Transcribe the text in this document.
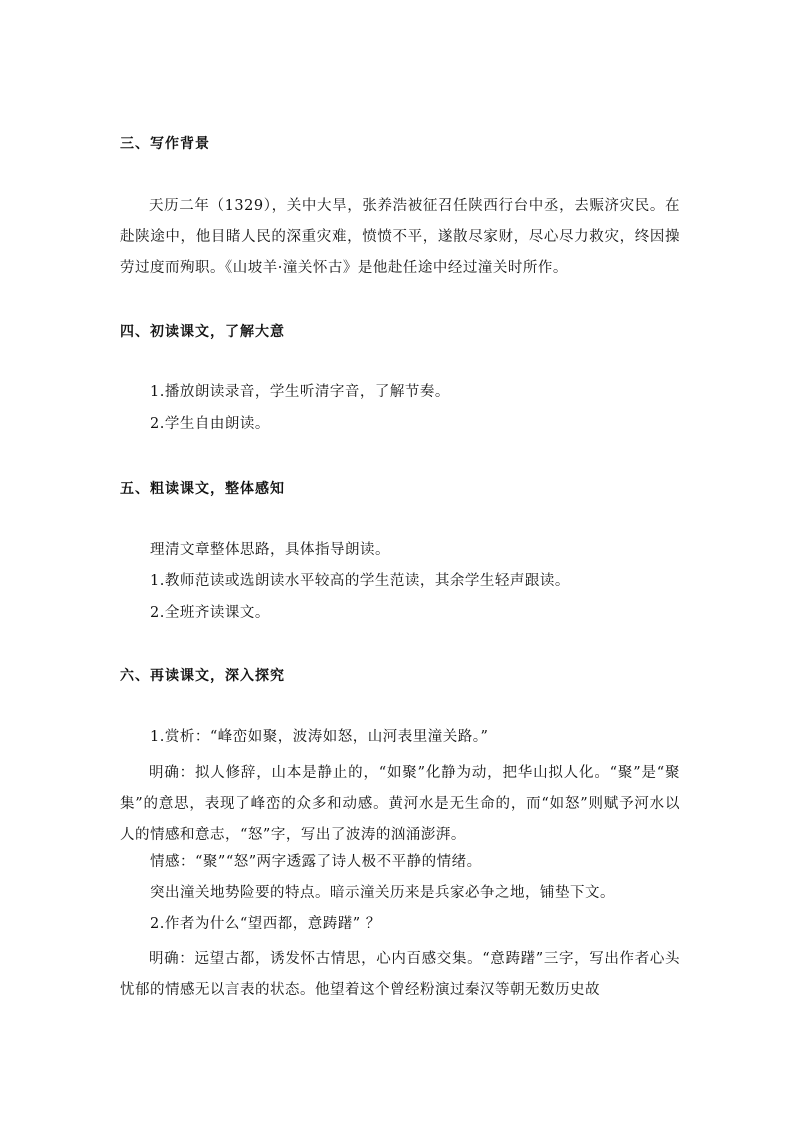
三、写作背景
天历二年（1329），关中大旱，张养浩被征召任陕西行台中丞，去赈济灾民。在赴陕途中，他目睹人民的深重灾难，愤愤不平，遂散尽家财，尽心尽力救灾，终因操劳过度而殉职。《山坡羊·潼关怀古》是他赴任途中经过潼关时所作。
四、初读课文，了解大意
1.播放朗读录音，学生听清字音，了解节奏。
2.学生自由朗读。
五、粗读课文，整体感知
理清文章整体思路，具体指导朗读。
1.教师范读或选朗读水平较高的学生范读，其余学生轻声跟读。
2.全班齐读课文。
六、再读课文，深入探究
1.赏析：“峰峦如聚，波涛如怒，山河表里潼关路。”
明确：拟人修辞，山本是静止的，“如聚”化静为动，把华山拟人化。“聚”是“聚集”的意思，表现了峰峦的众多和动感。黄河水是无生命的，而“如怒”则赋予河水以人的情感和意志，“怒”字，写出了波涛的汹涌澎湃。
情感：“聚”“怒”两字透露了诗人极不平静的情绪。
突出潼关地势险要的特点。暗示潼关历来是兵家必争之地，铺垫下文。
2.作者为什么“望西都，意踌躇” ？
明确：远望古都，诱发怀古情思，心内百感交集。“意踌躇”三字，写出作者心头忧郁的情感无以言表的状态。他望着这个曾经粉演过秦汉等朝无数历史故
